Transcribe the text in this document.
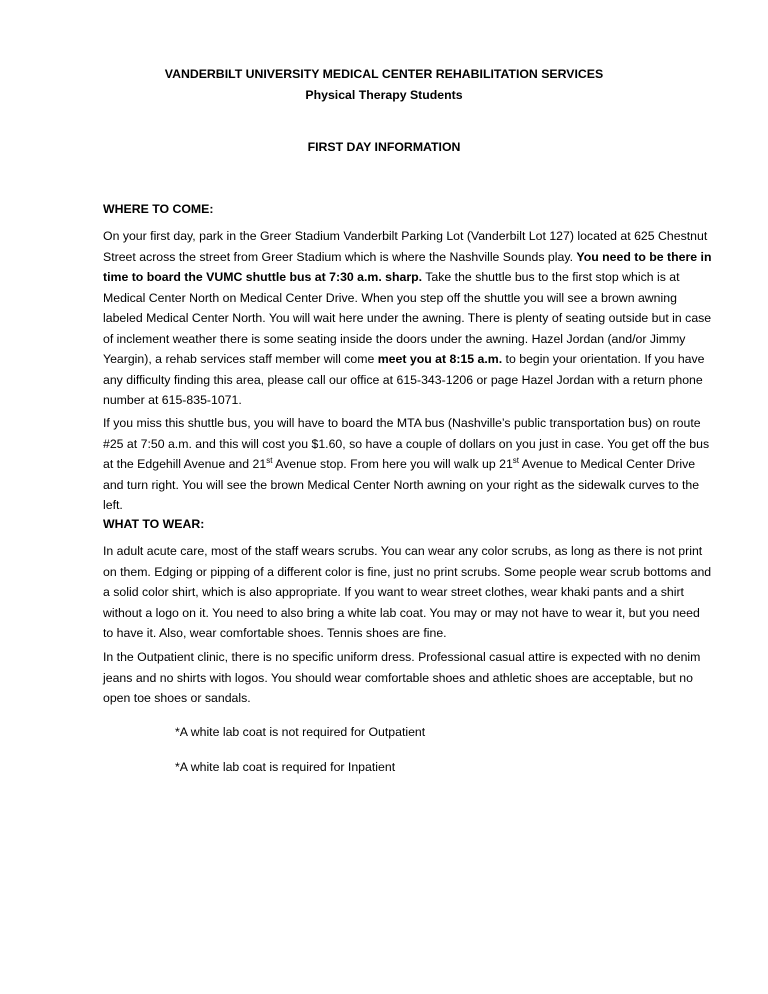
VANDERBILT UNIVERSITY MEDICAL CENTER REHABILITATION SERVICES
Physical Therapy Students
FIRST DAY INFORMATION
WHERE TO COME:
On your first day, park in the Greer Stadium Vanderbilt Parking Lot (Vanderbilt Lot 127) located at 625 Chestnut Street across the street from Greer Stadium which is where the Nashville Sounds play. You need to be there in time to board the VUMC shuttle bus at 7:30 a.m. sharp. Take the shuttle bus to the first stop which is at Medical Center North on Medical Center Drive. When you step off the shuttle you will see a brown awning labeled Medical Center North. You will wait here under the awning. There is plenty of seating outside but in case of inclement weather there is some seating inside the doors under the awning. Hazel Jordan (and/or Jimmy Yeargin), a rehab services staff member will come meet you at 8:15 a.m. to begin your orientation. If you have any difficulty finding this area, please call our office at 615-343-1206 or page Hazel Jordan with a return phone number at 615-835-1071.
If you miss this shuttle bus, you will have to board the MTA bus (Nashville’s public transportation bus) on route #25 at 7:50 a.m. and this will cost you $1.60, so have a couple of dollars on you just in case. You get off the bus at the Edgehill Avenue and 21st Avenue stop. From here you will walk up 21st Avenue to Medical Center Drive and turn right. You will see the brown Medical Center North awning on your right as the sidewalk curves to the left.
WHAT TO WEAR:
In adult acute care, most of the staff wears scrubs. You can wear any color scrubs, as long as there is not print on them. Edging or pipping of a different color is fine, just no print scrubs. Some people wear scrub bottoms and a solid color shirt, which is also appropriate. If you want to wear street clothes, wear khaki pants and a shirt without a logo on it. You need to also bring a white lab coat. You may or may not have to wear it, but you need to have it. Also, wear comfortable shoes. Tennis shoes are fine.
In the Outpatient clinic, there is no specific uniform dress. Professional casual attire is expected with no denim jeans and no shirts with logos. You should wear comfortable shoes and athletic shoes are acceptable, but no open toe shoes or sandals.
*A white lab coat is not required for Outpatient
*A white lab coat is required for Inpatient
